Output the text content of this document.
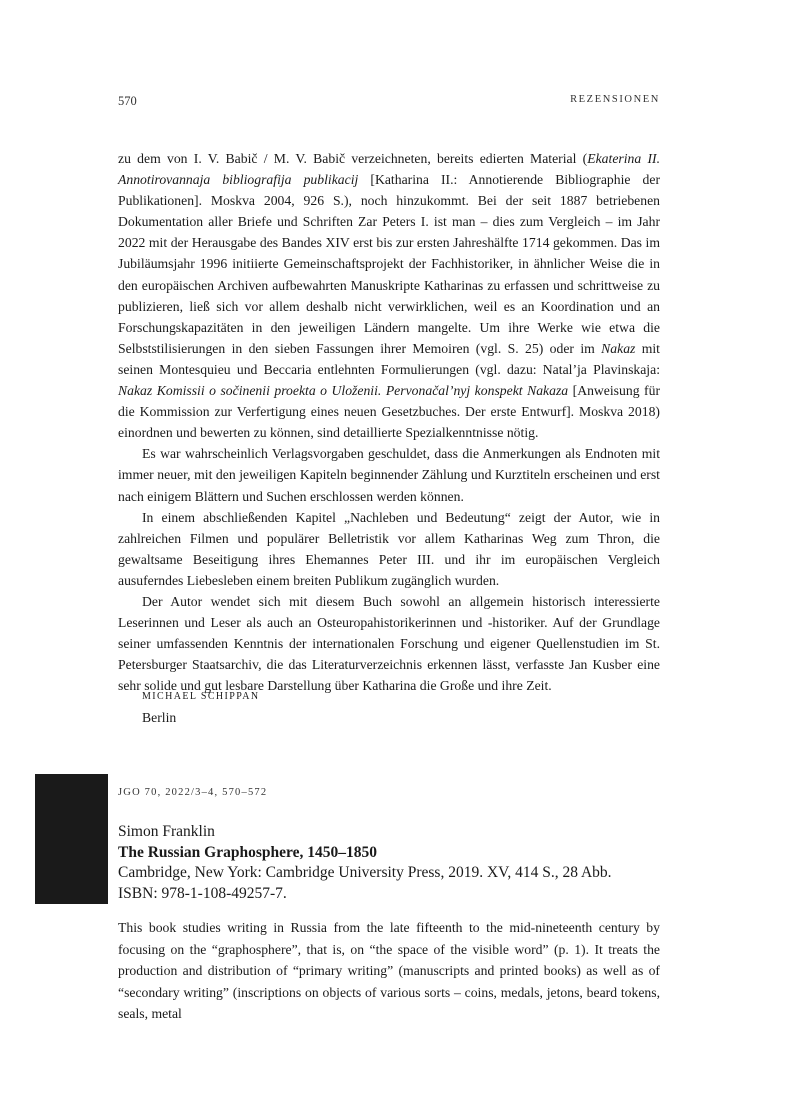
570	REZENSIONEN

zu dem von I. V. Babič / M. V. Babič verzeichneten, bereits edierten Material (Ekaterina II. Annotirovannaja bibliografija publikacij [Katharina II.: Annotierende Bibliographie der Publikationen]. Moskva 2004, 926 S.), noch hinzukommt. Bei der seit 1887 betriebenen Dokumentation aller Briefe und Schriften Zar Peters I. ist man – dies zum Vergleich – im Jahr 2022 mit der Herausgabe des Bandes XIV erst bis zur ersten Jahreshälfte 1714 gekommen. Das im Jubiläumsjahr 1996 initiierte Gemeinschaftsprojekt der Fachhistoriker, in ähnlicher Weise die in den europäischen Archiven aufbewahrten Manuskripte Katharinas zu erfassen und schrittweise zu publizieren, ließ sich vor allem deshalb nicht verwirklichen, weil es an Koordination und an Forschungskapazitäten in den jeweiligen Ländern mangelte. Um ihre Werke wie etwa die Selbststilisierungen in den sieben Fassungen ihrer Memoiren (vgl. S. 25) oder im Nakaz mit seinen Montesquieu und Beccaria entlehnten Formulierungen (vgl. dazu: Natal’ja Plavinskaja: Nakaz Komissii o sočinenii proekta o Uloženii. Pervonačal’nyj konspekt Nakaza [Anweisung für die Kommission zur Verfertigung eines neuen Gesetzbuches. Der erste Entwurf]. Moskva 2018) einordnen und bewerten zu können, sind detaillierte Spezialkenntnisse nötig.

Es war wahrscheinlich Verlagsvorgaben geschuldet, dass die Anmerkungen als Endnoten mit immer neuer, mit den jeweiligen Kapiteln beginnender Zählung und Kurztiteln erscheinen und erst nach einigem Blättern und Suchen erschlossen werden können.

In einem abschließenden Kapitel „Nachleben und Bedeutung“ zeigt der Autor, wie in zahlreichen Filmen und populärer Belletristik vor allem Katharinas Weg zum Thron, die gewaltsame Beseitigung ihres Ehemannes Peter III. und ihr im europäischen Vergleich ausuferndes Liebesleben einem breiten Publikum zugänglich wurden.

Der Autor wendet sich mit diesem Buch sowohl an allgemein historisch interessierte Leserinnen und Leser als auch an Osteuropahistorikerinnen und -historiker. Auf der Grundlage seiner umfassenden Kenntnis der internationalen Forschung und eigener Quellenstudien im St. Petersburger Staatsarchiv, die das Literaturverzeichnis erkennen lässt, verfasste Jan Kusber eine sehr solide und gut lesbare Darstellung über Katharina die Große und ihre Zeit.

MICHAEL SCHIPPAN
Berlin
JGO 70, 2022/3–4, 570–572
Simon Franklin
The Russian Graphosphere, 1450–1850
Cambridge, New York: Cambridge University Press, 2019. XV, 414 S., 28 Abb.
ISBN: 978-1-108-49257-7.

This book studies writing in Russia from the late fifteenth to the mid-nineteenth century by focusing on the “graphosphere”, that is, on “the space of the visible word” (p. 1). It treats the production and distribution of “primary writing” (manuscripts and printed books) as well as of “secondary writing” (inscriptions on objects of various sorts – coins, medals, jetons, beard tokens, seals, metal
